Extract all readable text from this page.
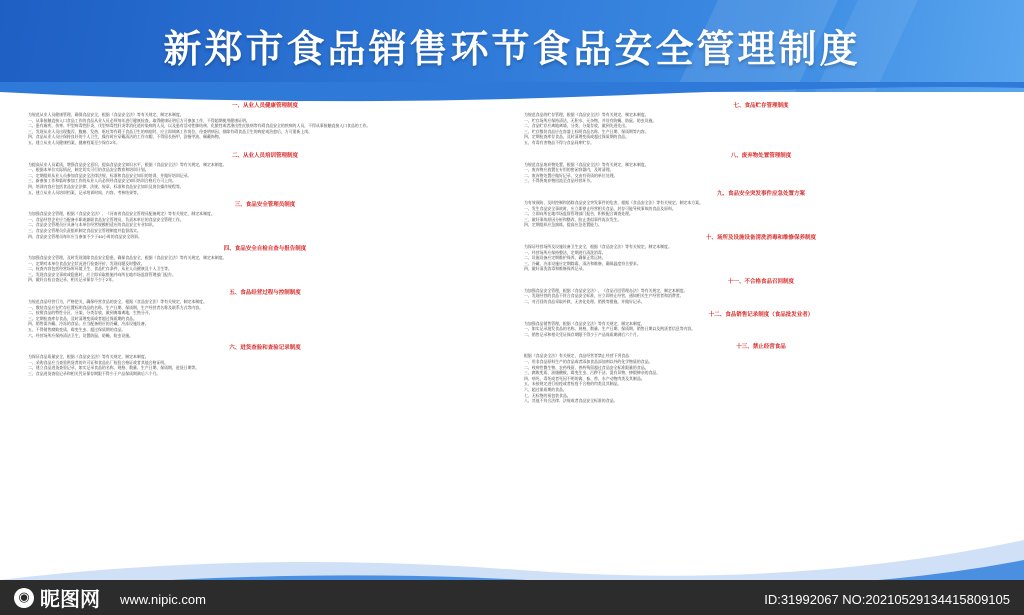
新郑市食品销售环节食品安全管理制度
一、从业人员健康管理制度
为规范从业人员健康管理，确保食品安全，根据《食品安全法》等有关规定，制定本制度。
一、从事接触直接入口食品工作的食品从业人员必须每年进行健康检查，取得健康证明后方可参加工作，不得超期使用健康证明。
二、患有痢疾、伤寒、甲型病毒性肝炎、戊型病毒性肝炎等消化道传染病的人员，以及患有活动性肺结核、化脓性或者渗出性皮肤病等有碍食品安全的疾病的人员，不得从事接触直接入口食品的工作。
三、发现从业人员出现腹泻、腹痛、发热、呕吐等有碍于食品卫生的病症时，应立即调离工作岗位，待查明病因、排除有碍食品卫生的病症或治愈后，方可重新上岗。
四、食品从业人员应保持良好的个人卫生，操作时应穿戴清洁的工作衣帽，不得留长指甲、涂指甲油、佩戴饰物。
五、建立从业人员健康档案，健康档案至少保存2年。
二、从业人员培训管理制度
为提高从业人员素质，增强食品安全意识，提高食品安全知识水平，根据《食品安全法》等有关规定，制定本制度。
一、根据本单位实际情况，制定切实可行的食品安全教育和培训计划。
二、定期组织从业人员参加食品安全法律法规、标准和食品安全知识的培训，并做好培训记录。
三、新参加工作和临时参加工作的从业人员必须经食品安全知识培训合格后方可上岗。
四、培训内容应包括食品安全法律、法规、规章、标准和食品安全知识及岗位操作规程等。
五、建立从业人员培训档案，记录培训时间、内容、考核结果等。
三、食品安全管理员制度
为加强食品安全管理，根据《食品安全法》、《河南省食品安全管理员配备规定》等有关规定，制定本制度。
一、食品经营企业应当配备专职或兼职食品安全管理员，负责本单位的食品安全管理工作。
二、食品安全管理员应具备与本单位经营规模相适应的食品安全专业知识。
三、食品安全管理员负责组织制定食品安全管理制度并监督落实。
四、食品安全管理员每年应当参加不少于40小时的食品安全培训。
四、食品安全自检自查与报告制度
为加强食品安全管理，及时发现消除食品安全隐患，确保食品安全，根据《食品安全法》等有关规定，制定本制度。
一、定期对本单位食品安全状况进行检查评价，发现问题及时整改。
二、检查内容包括经营场所环境卫生、食品贮存条件、从业人员健康及个人卫生等。
三、发现食品安全事故或隐患时，应立即采取措施并向所在地市场监督管理部门报告。
四、做好自检自查记录，相关记录保存不少于2年。
五、食品经营过程与控制制度
为规范食品经营行为，严格把关，确保经营食品的安全，根据《食品安全法》等有关规定，制定本制度。
一、散装食品应在贮存位置标明食品的名称、生产日期、保质期、生产经营者名称及联系方式等内容。
二、按照食品的特性分区、分架、分类存放，做到离墙离地，生熟分开。
三、定期检查库存食品，及时清理变质或者超过保质期的食品。
四、销售需冷藏、冷冻的食品，应当配备相应的冷藏、冷冻设施设备。
五、不得销售腐败变质、霉变生虫、超过保质期的食品。
六、经营场所应保持清洁卫生，设置防鼠、防蝇、防虫设施。
六、进货查验和查验记录制度
为保证食品质量安全，根据《食品安全法》等有关规定，制定本制度。
一、采购食品应当查验供货者的许可证和食品出厂检验合格证或者其他合格证明。
二、建立食品进货查验记录，如实记录食品的名称、规格、数量、生产日期、保质期、进货日期等。
三、食品进货查验记录和相关凭证保存期限不得少于产品保质期满后六个月。
七、食品贮存管理制度
为规范食品的贮存管理，根据《食品安全法》等有关规定，制定本制度。
一、贮存场所应保持清洁，无积水、无杂物，并设有防蝇、防鼠、防虫设施。
二、食品贮存应离地离墙，分类、分架存放，做到先进先出。
三、贮存散装食品应在容器上标明食品名称、生产日期、保质期等内容。
四、定期检查库存食品，及时清理变质或超过保质期的食品。
五、有毒有害物品不得与食品同库贮存。
八、废弃物处置管理制度
为规范食品废弃物处置，根据《食品安全法》等有关规定，制定本制度。
一、废弃物应放置在专用的密闭容器内，及时清理。
二、废弃物处置应做好记录，交由有资质的单位处理。
三、不得将废弃物回流至食品经营环节。
九、食品安全突发事件应急处置方案
为有效预防、及时控制和消除食品安全突发事件的危害，根据《食品安全法》等有关规定，制定本方案。
一、发生食品安全事故时，应立即停止经营相关食品，封存可能导致事故的食品及原料。
二、立即向所在地市场监督管理部门报告，积极配合调查处理。
三、做好事故原因分析和整改，防止类似事件再次发生。
四、定期组织应急演练，提高应急处置能力。
十、场所及设施设备清洗消毒和维修保养制度
为保证经营场所及设施设备卫生安全，根据《食品安全法》等有关规定，制定本制度。
一、经营场所应保持整洁，定期进行清洗消毒。
二、设施设备应定期维护保养，确保正常运转。
三、冷藏、冷冻设施应定期除霜、清洁和维修，确保温度符合要求。
四、做好清洗消毒和维修保养记录。
十一、不合格食品召回制度
为加强食品安全管理，根据《食品安全法》、《食品召回管理办法》等有关规定，制定本制度。
一、发现经营的食品不符合食品安全标准，应立即停止经营，通知相关生产经营者和消费者。
二、对召回的食品采取补救、无害化处理、销毁等措施，并做好记录。
十二、食品销售记录制度（食品批发业者）
为加强食品销售管理，根据《食品安全法》等有关规定，制定本制度。
一、如实记录批发食品的名称、规格、数量、生产日期、保质期、销售日期以及购货者信息等内容。
二、销售记录和相关凭证保存期限不得少于产品保质期满后六个月。
十三、禁止经营食品
根据《食品安全法》有关规定，食品经营者禁止经营下列食品：
一、用非食品原料生产的食品或者添加食品添加剂以外的化学物质的食品。
二、致病性微生物、农药残留、兽药残留超过食品安全标准限量的食品。
三、腐败变质、油脂酸败、霉变生虫、污秽不洁、混有异物、掺假掺杂的食品。
四、病死、毒死或者死因不明的禽、畜、兽、水产动物肉类及其制品。
五、未按规定进行检疫或者检疫不合格的肉类及其制品。
六、超过保质期的食品。
七、无标签的预包装食品。
八、其他不符合法律、法规或者食品安全标准的食品。
◉ 昵图网 www.nipic.com	ID:31992067 NO:20210529134415809105
